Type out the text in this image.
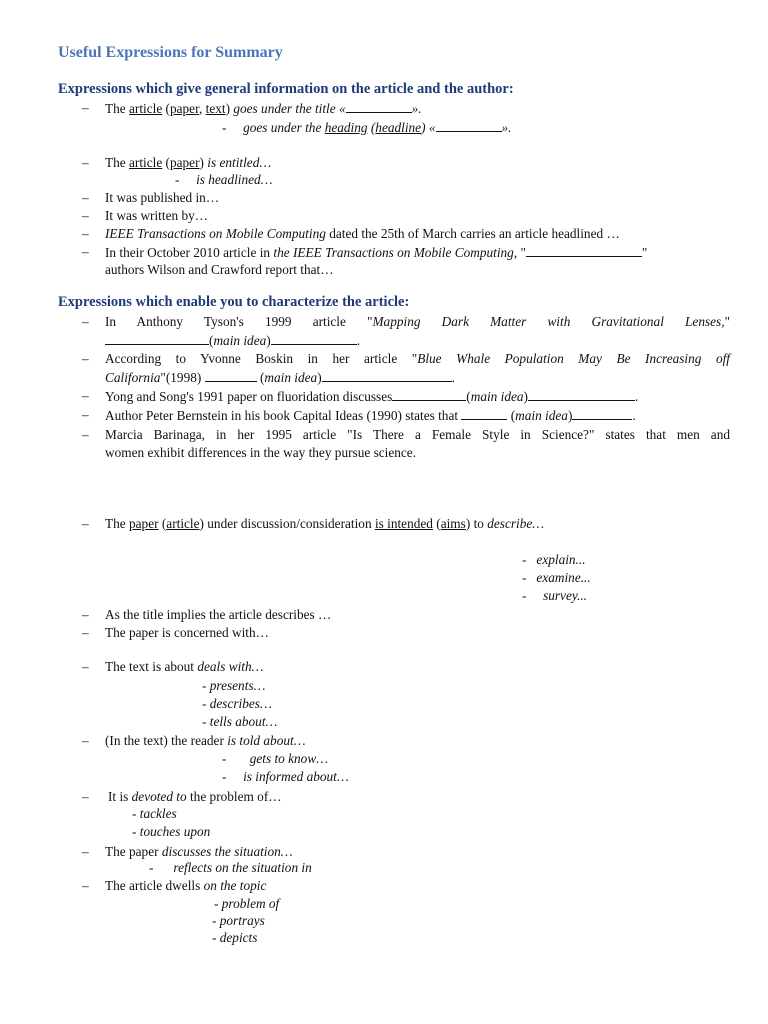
Useful Expressions for Summary
Expressions which give general information on the article and the author:
– The article (paper, text) goes under the title «	».
- goes under the heading (headline) «	».
– The article (paper) is entitled…
- is headlined…
– It was published in…
– It was written by…
– IEEE Transactions on Mobile Computing dated the 25th of March carries an article headlined …
– In their October 2010 article in the IEEE Transactions on Mobile Computing, "	"
authors Wilson and Crawford report that…
Expressions which enable you to characterize the article:
– In Anthony Tyson's 1999 article "Mapping Dark Matter with Gravitational Lenses,"
(main idea)	.
– According to Yvonne Boskin in her article "Blue Whale Population May Be Increasing off
California"(1998)	(main idea)	.
– Yong and Song's 1991 paper on fluoridation discusses	(main idea)	.
– Author Peter Bernstein in his book Capital Ideas (1990) states that	(main idea)	.
– Marcia Barinaga, in her 1995 article "Is There a Female Style in Science?" states that men and
women exhibit differences in the way they pursue science.
– The paper (article) under discussion/consideration is intended (aims) to describe…
- explain...
- examine...
- survey...
– As the title implies the article describes …
– The paper is concerned with…
– The text is about deals with…
- presents…
- describes…
- tells about…
– (In the text) the reader is told about…
- gets to know…
- is informed about…
– It is devoted to the problem of…
- tackles
- touches upon
– The paper discusses the situation…
- reflects on the situation in
– The article dwells on the topic
- problem of
- portrays
- depicts
